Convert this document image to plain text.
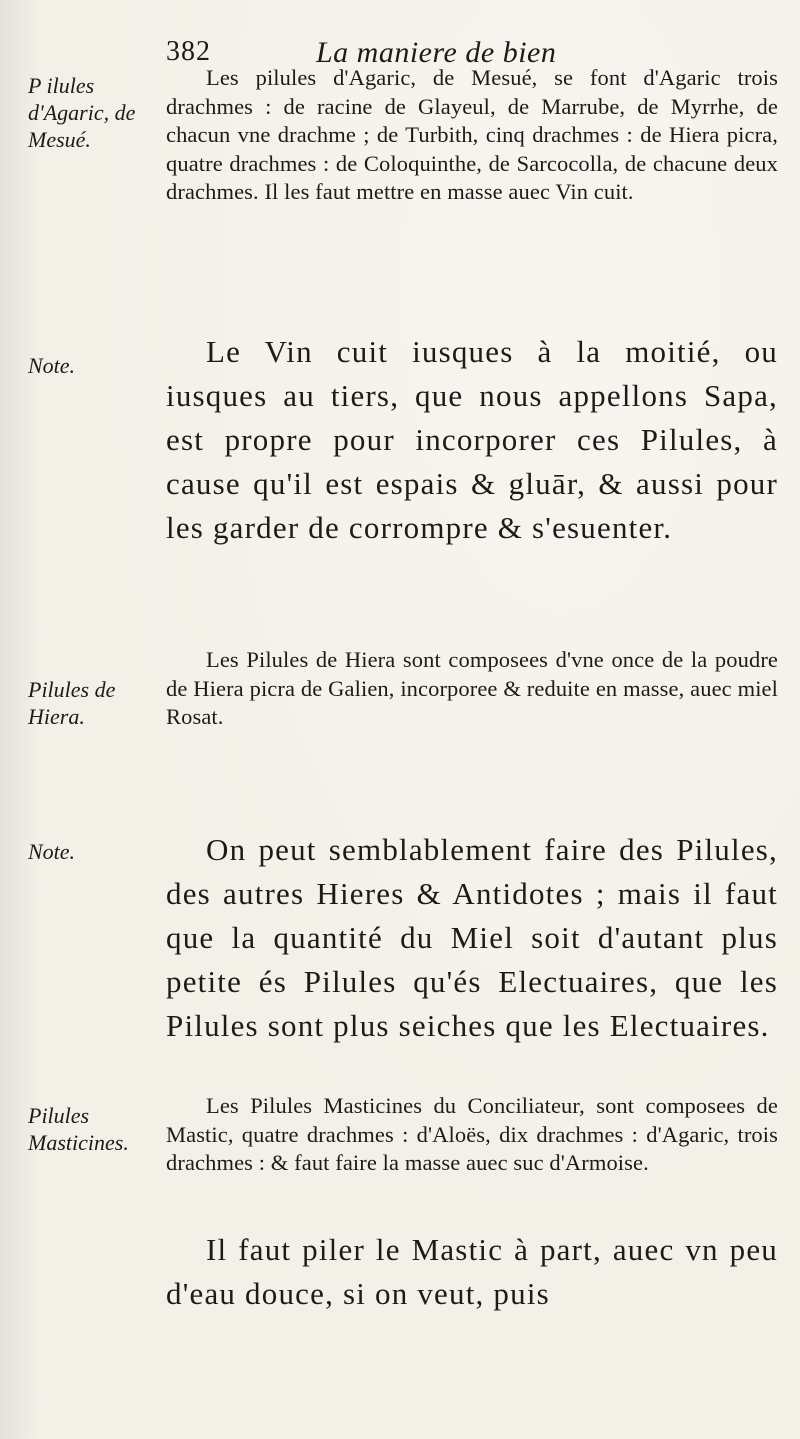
382	La maniere de bien
P ilules d'Agaric, de Mesué.
Note.
Pilules de Hiera.
Note.
Pilules Masticines.

Les pilules d'Agaric, de Mesué, se font d'Agaric trois drachmes : de racine de Glayeul, de Marrube, de Myrrhe, de chacun vne drachme ; de Turbith, cinq drachmes : de Hiera picra, quatre drachmes : de Coloquinthe, de Sarcocolla, de chacune deux drachmes. Il les faut mettre en masse auec Vin cuit.

Le Vin cuit iusques à la moitié, ou iusques au tiers, que nous appellons Sapa, est propre pour incorporer ces Pilules, à cause qu'il est espais & gluār, & aussi pour les garder de corrompre & s'esuenter.

Les Pilules de Hiera sont composees d'vne once de la poudre de Hiera picra de Galien, incorporee & reduite en masse, auec miel Rosat.

On peut semblablement faire des Pilules, des autres Hieres & Antidotes ; mais il faut que la quantité du Miel soit d'autant plus petite és Pilules qu'és Electuaires, que les Pilules sont plus seiches que les Electuaires.

Les Pilules Masticines du Conciliateur, sont composees de Mastic, quatre drachmes : d'Aloës, dix drachmes : d'Agaric, trois drachmes : & faut faire la masse auec suc d'Armoise.

Il faut piler le Mastic à part, auec vn peu d'eau douce, si on veut, puis
